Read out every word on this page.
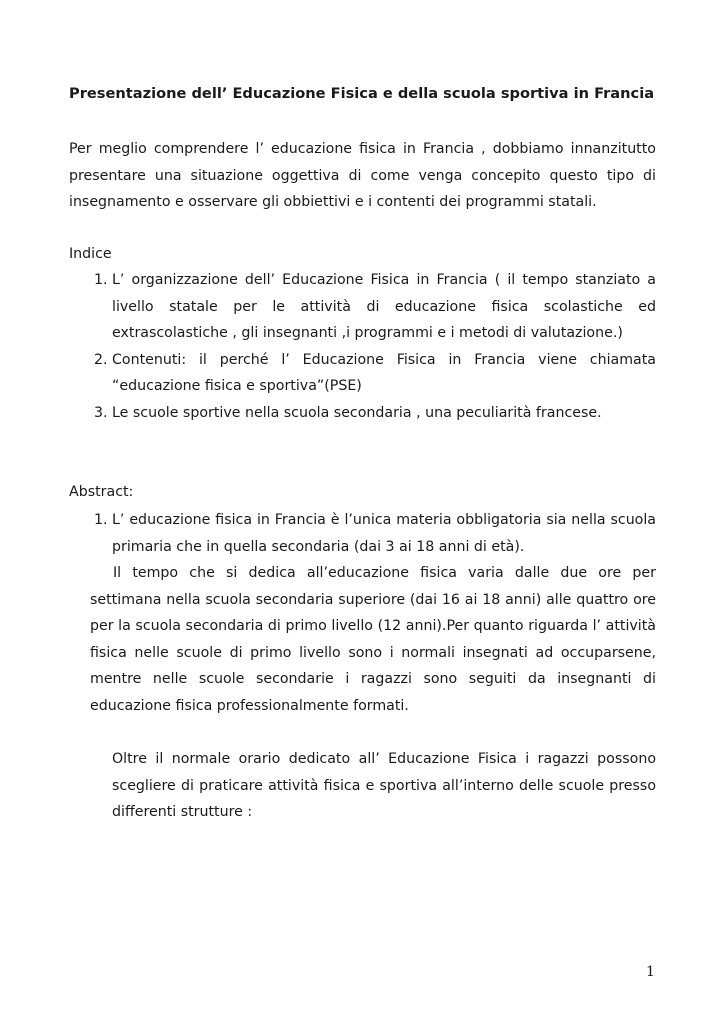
Presentazione dell’ Educazione Fisica e della scuola sportiva in Francia
Per meglio comprendere l’ educazione fisica in Francia , dobbiamo innanzitutto presentare una situazione oggettiva di come venga concepito questo tipo di insegnamento e osservare gli obbiettivi e i contenti dei programmi statali.
Indice
1. L’ organizzazione dell’ Educazione Fisica in Francia ( il tempo stanziato a livello statale per le attività di educazione fisica scolastiche ed extrascolastiche , gli insegnanti ,i programmi e i metodi di valutazione.)
2. Contenuti: il perché l’ Educazione Fisica in Francia viene chiamata “educazione fisica e sportiva”(PSE)
3. Le scuole sportive nella scuola secondaria , una peculiarità francese.
Abstract:
1. L’ educazione fisica in Francia è l’unica materia obbligatoria sia nella scuola primaria che in quella secondaria (dai 3 ai 18 anni di età).
Il tempo che si dedica all’educazione fisica varia dalle due ore per settimana nella scuola secondaria superiore (dai 16 ai 18 anni) alle quattro ore per la scuola secondaria di primo livello (12 anni).Per quanto riguarda l’ attività fisica nelle scuole di primo livello sono i normali insegnati ad occuparsene, mentre nelle scuole secondarie i ragazzi sono seguiti da insegnanti di educazione fisica professionalmente formati.
Oltre il normale orario dedicato all’ Educazione Fisica i ragazzi possono scegliere di praticare attività fisica e sportiva all’interno delle scuole presso differenti strutture :
1
